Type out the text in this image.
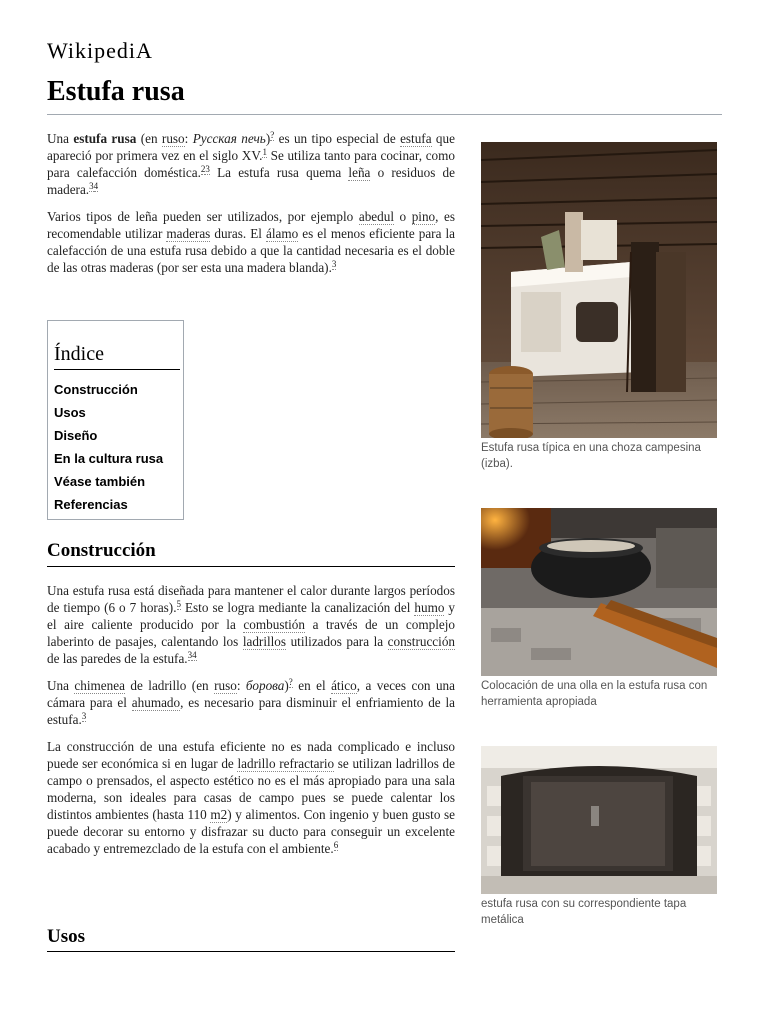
WikipediA
Estufa rusa

Una estufa rusa (en ruso: Русская печь)? es un tipo especial de estufa que apareció por primera vez en el siglo XV.$^1$ Se utiliza tanto para cocinar, como para calefacción doméstica.$^{23}$ La estufa rusa quema leña o residuos de madera.$^{34}$

Varios tipos de leña pueden ser utilizados, por ejemplo abedul o pino, es recomendable utilizar maderas duras. El álamo es el menos eficiente para la calefacción de una estufa rusa debido a que la cantidad necesaria es el doble de las otras maderas (por ser esta una madera blanda).$^3$

Índice
Construcción
Usos
Diseño
En la cultura rusa
Véase también
Referencias
Construcción

Una estufa rusa está diseñada para mantener el calor durante largos períodos de tiempo (6 o 7 horas).$^5$ Esto se logra mediante la canalización del humo y el aire caliente producido por la combustión a través de un complejo laberinto de pasajes, calentando los ladrillos utilizados para la construcción de las paredes de la estufa.$^{34}$

Una chimenea de ladrillo (en ruso: борова)? en el ático, a veces con una cámara para el ahumado, es necesario para disminuir el enfriamiento de la estufa.$^3$

La construcción de una estufa eficiente no es nada complicado e incluso puede ser económica si en lugar de ladrillo refractario se utilizan ladrillos de campo o prensados, el aspecto estético no es el más apropiado para una sala moderna, son ideales para casas de campo pues se puede calentar los distintos ambientes (hasta 110 m2) y alimentos. Con ingenio y buen gusto se puede decorar su entorno y disfrazar su ducto para conseguir un excelente acabado y entremezclado de la estufa con el ambiente.$^6$

Usos
Estufa rusa típica en una choza campesina (izba).
Colocación de una olla en la estufa rusa con herramienta apropiada
estufa rusa con su correspondiente tapa metálica
